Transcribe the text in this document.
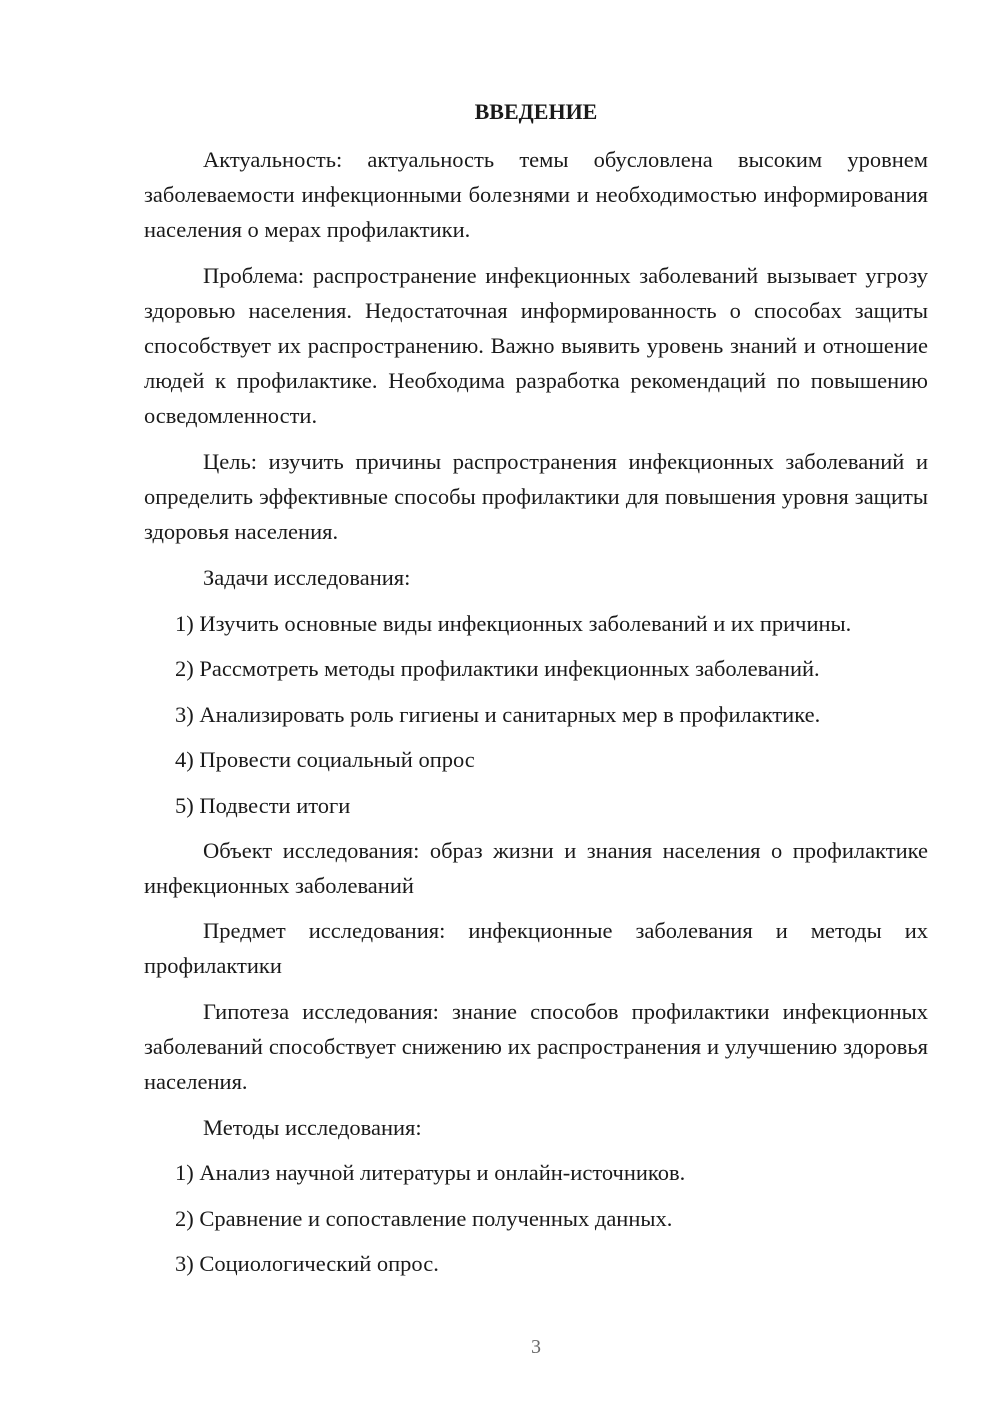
ВВЕДЕНИЕ

Актуальность: актуальность темы обусловлена высоким уровнем заболеваемости инфекционными болезнями и необходимостью информирования населения о мерах профилактики.

Проблема: распространение инфекционных заболеваний вызывает угрозу здоровью населения. Недостаточная информированность о способах защиты способствует их распространению. Важно выявить уровень знаний и отношение людей к профилактике. Необходима разработка рекомендаций по повышению осведомленности.

Цель: изучить причины распространения инфекционных заболеваний и определить эффективные способы профилактики для повышения уровня защиты здоровья населения.

Задачи исследования:

1) Изучить основные виды инфекционных заболеваний и их причины.

2) Рассмотреть методы профилактики инфекционных заболеваний.

3) Анализировать роль гигиены и санитарных мер в профилактике.

4) Провести социальный опрос

5) Подвести итоги

Объект исследования: образ жизни и знания населения о профилактике инфекционных заболеваний

Предмет исследования: инфекционные заболевания и методы их профилактики

Гипотеза исследования: знание способов профилактики инфекционных заболеваний способствует снижению их распространения и улучшению здоровья населения.

Методы исследования:

1) Анализ научной литературы и онлайн-источников.

2) Сравнение и сопоставление полученных данных.

3) Социологический опрос.

3
